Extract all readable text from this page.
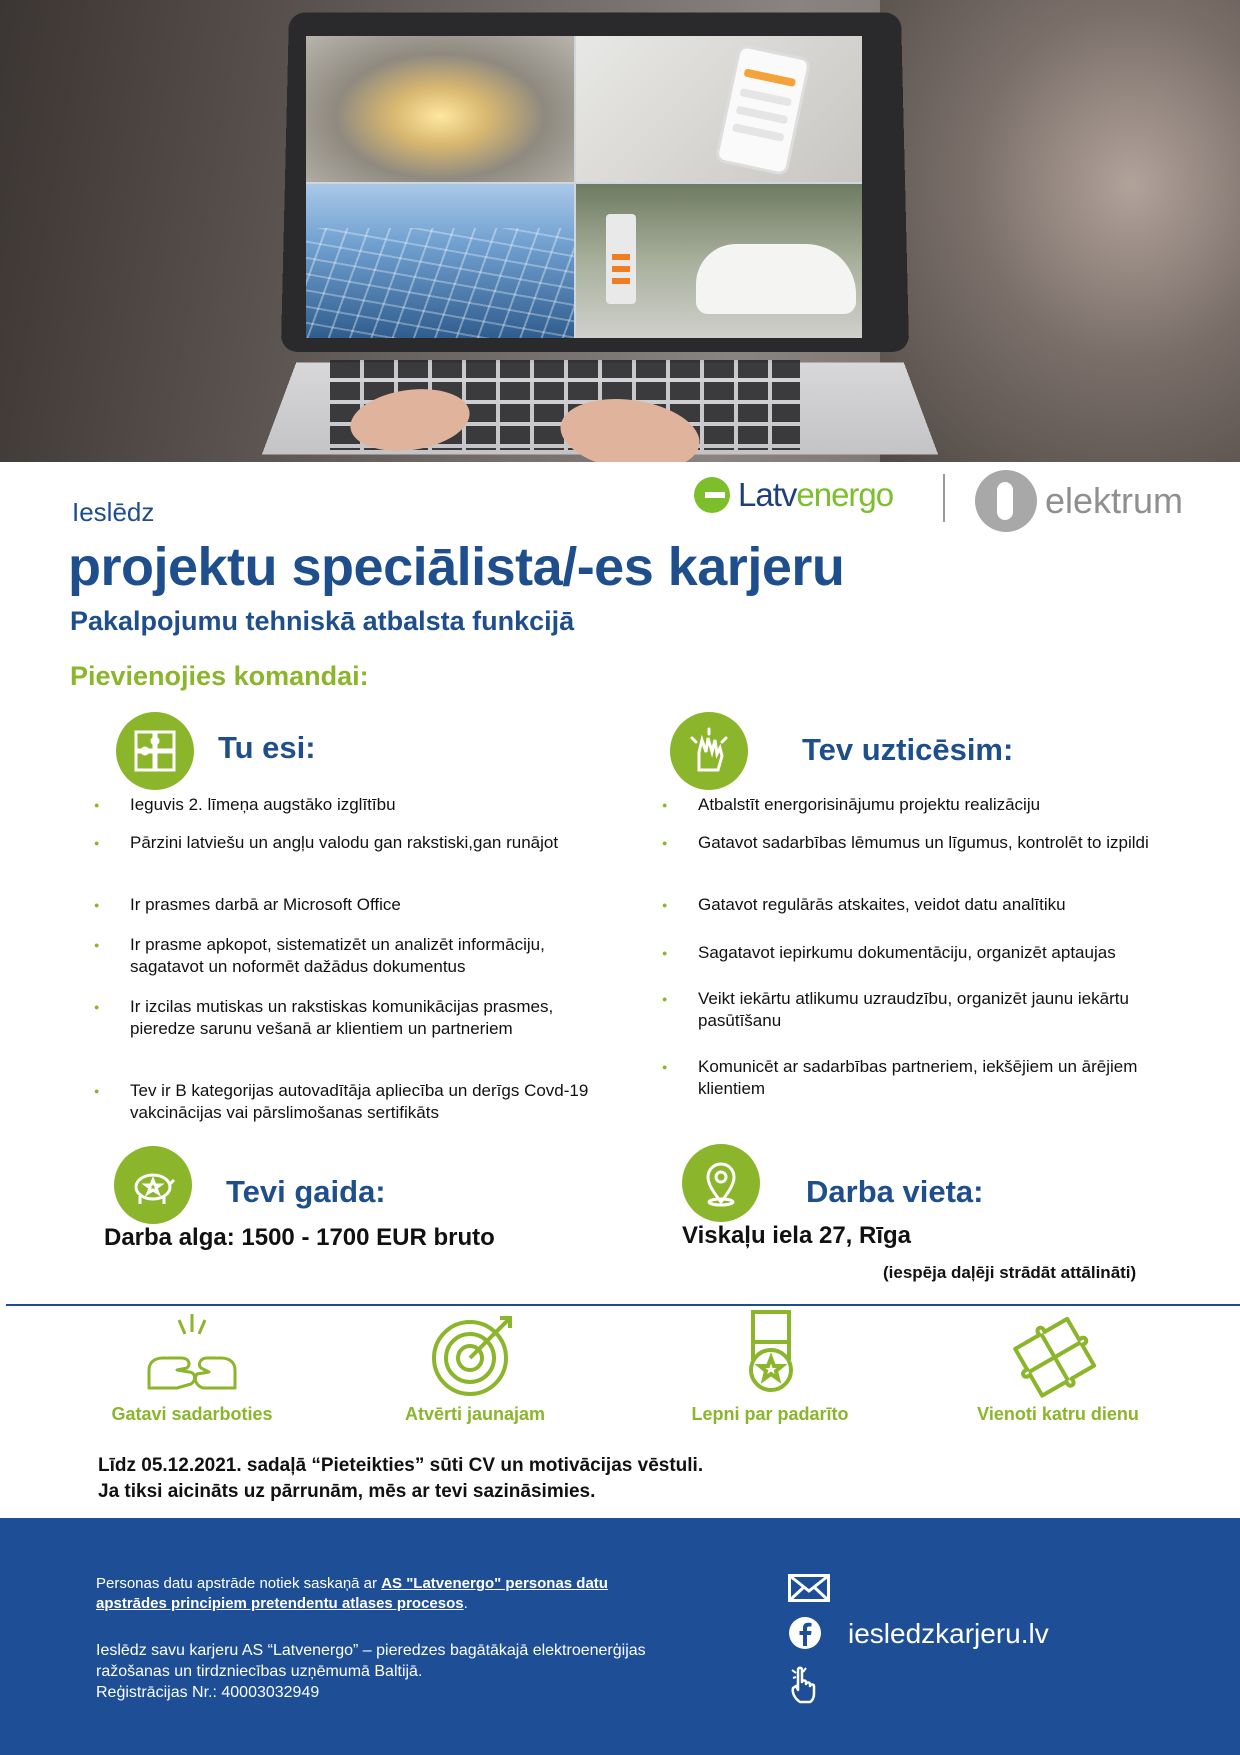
Ieslēdz	Latvenergo	elektrum
projektu speciālista/-es karjeru
Pakalpojumu tehniskā atbalsta funkcijā
Pievienojies komandai:
Tu esi:
● Ieguvis 2. līmeņa augstāko izglītību
● Pārzini latviešu un angļu valodu gan rakstiski,gan runājot
● Ir prasmes darbā ar Microsoft Office
● Ir prasme apkopot, sistematizēt un analizēt informāciju, sagatavot un noformēt dažādus dokumentus
● Ir izcilas mutiskas un rakstiskas komunikācijas prasmes, pieredze sarunu vešanā ar klientiem un partneriem
● Tev ir B kategorijas autovadītāja apliecība un derīgs Covd-19 vakcinācijas vai pārslimošanas sertifikāts
Tev uzticēsim:
● Atbalstīt energorisinājumu projektu realizāciju
● Gatavot sadarbības lēmumus un līgumus, kontrolēt to izpildi
● Gatavot regulārās atskaites, veidot datu analītiku
● Sagatavot iepirkumu dokumentāciju, organizēt aptaujas
● Veikt iekārtu atlikumu uzraudzību, organizēt jaunu iekārtu pasūtīšanu
● Komunicēt ar sadarbības partneriem, iekšējiem un ārējiem klientiem
Tevi gaida:
Darba alga: 1500 - 1700 EUR bruto
Darba vieta:
Viskaļu iela 27, Rīga
(iespēja daļēji strādāt attālināti)
Gatavi sadarboties	Atvērti jaunajam	Lepni par padarīto	Vienoti katru dienu
Līdz 05.12.2021. sadaļā “Pieteikties” sūti CV un motivācijas vēstuli.
Ja tiksi aicināts uz pārrunām, mēs ar tevi sazināsimies.
Personas datu apstrāde notiek saskaņā ar AS "Latvenergo" personas datu apstrādes principiem pretendentu atlases procesos.
Ieslēdz savu karjeru AS “Latvenergo” – pieredzes bagātākajā elektroenerģijas ražošanas un tirdzniecības uzņēmumā Baltijā.
Reģistrācijas Nr.: 40003032949
iesledzkarjeru.lv
